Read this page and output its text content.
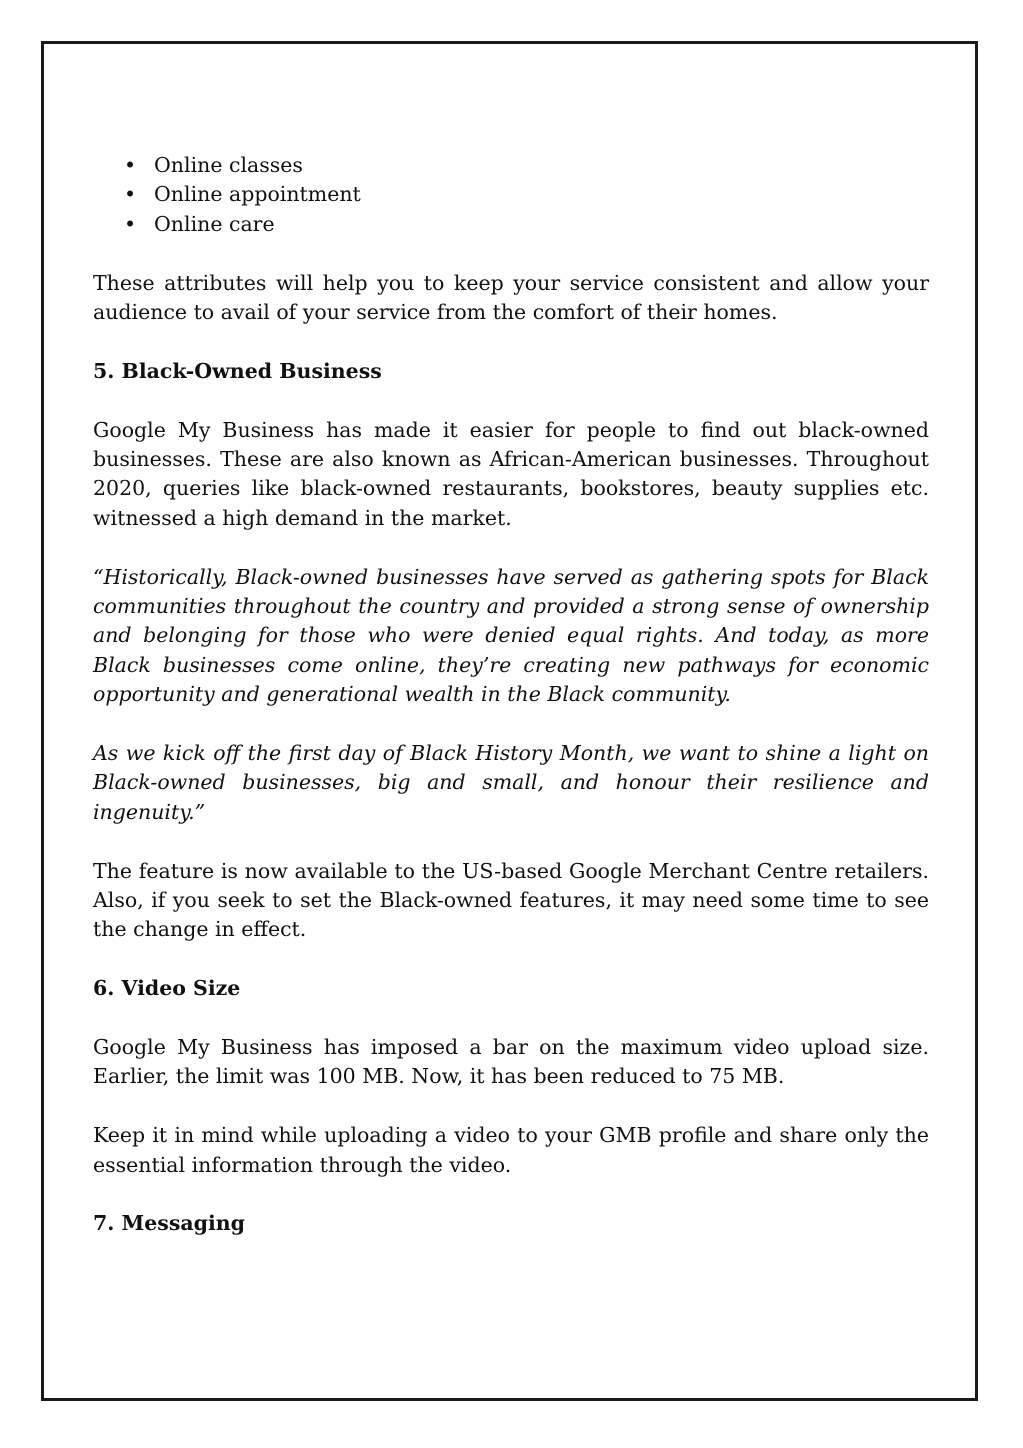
• Online classes
• Online appointment
• Online care

These attributes will help you to keep your service consistent and allow your audience to avail of your service from the comfort of their homes.

5. Black-Owned Business

Google My Business has made it easier for people to find out black-owned businesses. These are also known as African-American businesses. Throughout 2020, queries like black-owned restaurants, bookstores, beauty supplies etc. witnessed a high demand in the market.

“Historically, Black-owned businesses have served as gathering spots for Black communities throughout the country and provided a strong sense of ownership and belonging for those who were denied equal rights. And today, as more Black businesses come online, they’re creating new pathways for economic opportunity and generational wealth in the Black community.

As we kick off the first day of Black History Month, we want to shine a light on Black-owned businesses, big and small, and honour their resilience and ingenuity.”

The feature is now available to the US-based Google Merchant Centre retailers. Also, if you seek to set the Black-owned features, it may need some time to see the change in effect.

6. Video Size

Google My Business has imposed a bar on the maximum video upload size. Earlier, the limit was 100 MB. Now, it has been reduced to 75 MB.

Keep it in mind while uploading a video to your GMB profile and share only the essential information through the video.

7. Messaging
